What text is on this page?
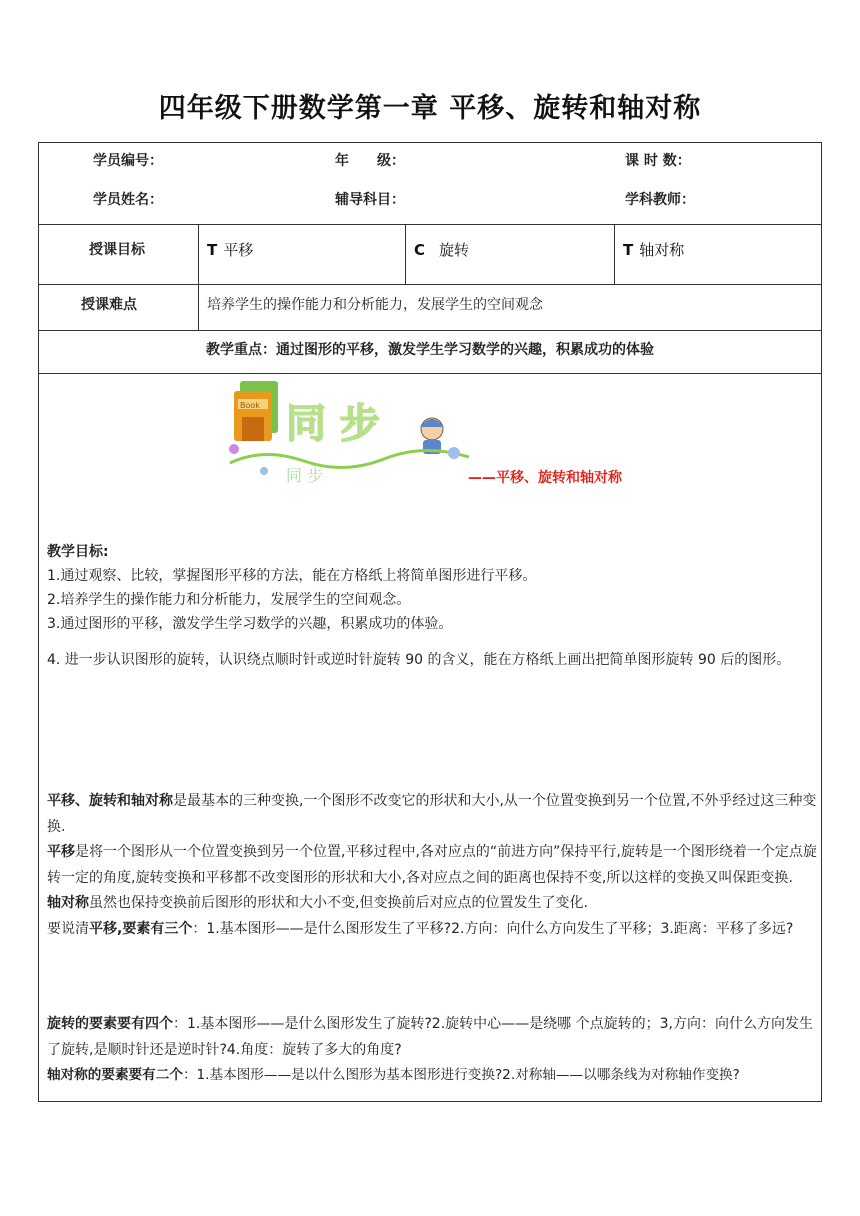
四年级下册数学第一章 平移、旋转和轴对称
学员编号：	年　　级：	课 时 数：
学员姓名：	辅导科目：	学科教师：
授课目标	T 平移	C 旋转	T 轴对称
授课难点	培养学生的操作能力和分析能力，发展学生的空间观念
教学重点：通过图形的平移，激发学生学习数学的兴趣，积累成功的体验
Book 同 步
同 步	——平移、旋转和轴对称
教学目标:
1.通过观察、比较，掌握图形平移的方法，能在方格纸上将简单图形进行平移。
2.培养学生的操作能力和分析能力，发展学生的空间观念。
3.通过图形的平移，激发学生学习数学的兴趣，积累成功的体验。
4. 进一步认识图形的旋转，认识绕点顺时针或逆时针旋转 90 的含义，能在方格纸上画出把简单图形旋转 90 后的图形。
平移、旋转和轴对称是最基本的三种变换,一个图形不改变它的形状和大小,从一个位置变换到另一个位置,不外乎经过这三种变换.
平移是将一个图形从一个位置变换到另一个位置,平移过程中,各对应点的“前进方向”保持平行,旋转是一个图形绕着一个定点旋转一定的角度,旋转变换和平移都不改变图形的形状和大小,各对应点之间的距离也保持不变,所以这样的变换又叫保距变换.
轴对称虽然也保持变换前后图形的形状和大小不变,但变换前后对应点的位置发生了变化.
要说清平移,要素有三个：1.基本图形——是什么图形发生了平移?2.方向：向什么方向发生了平移；3.距离：平移了多远?
旋转的要素要有四个：1.基本图形——是什么图形发生了旋转?2.旋转中心——是绕哪 个点旋转的；3,方向：向什么方向发生了旋转,是顺时针还是逆时针?4.角度：旋转了多大的角度?
轴对称的要素要有二个：1.基本图形——是以什么图形为基本图形进行变换?2.对称轴——以哪条线为对称轴作变换?
